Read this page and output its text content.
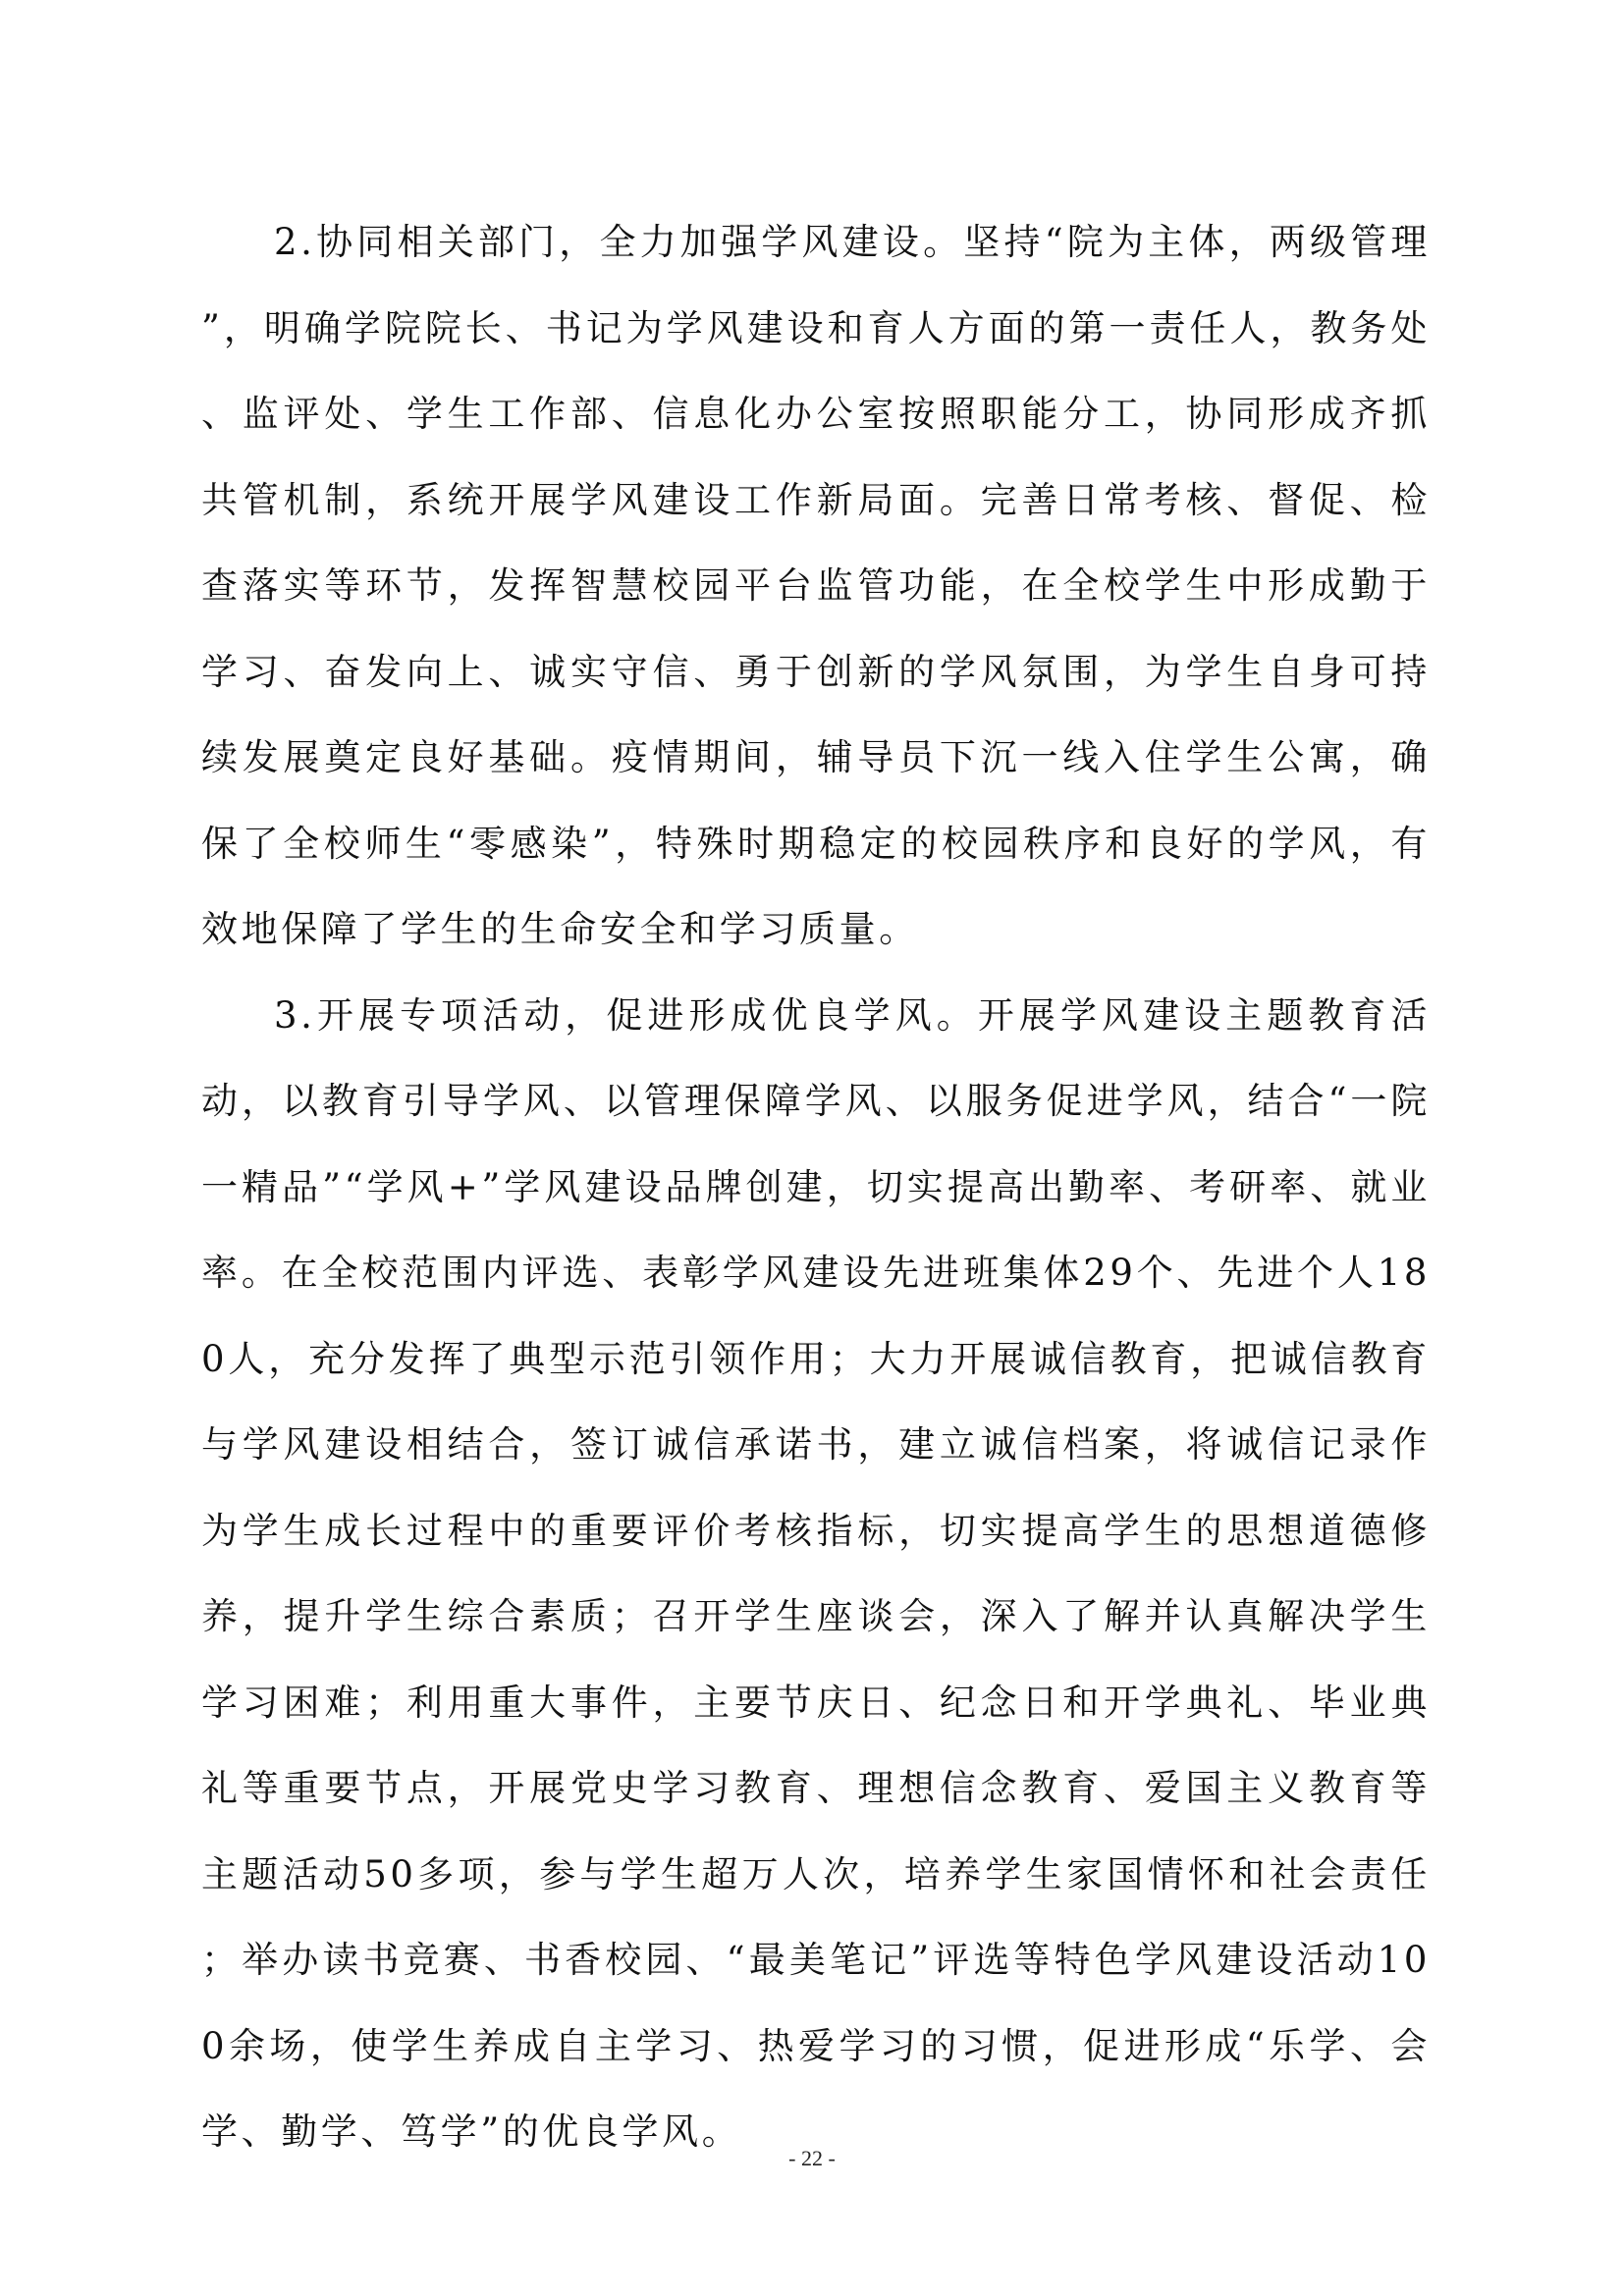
2.协同相关部门，全力加强学风建设。坚持“院为主体，两级管理”，明确学院院长、书记为学风建设和育人方面的第一责任人，教务处、监评处、学生工作部、信息化办公室按照职能分工，协同形成齐抓共管机制，系统开展学风建设工作新局面。完善日常考核、督促、检查落实等环节，发挥智慧校园平台监管功能，在全校学生中形成勤于学习、奋发向上、诚实守信、勇于创新的学风氛围，为学生自身可持续发展奠定良好基础。疫情期间，辅导员下沉一线入住学生公寓，确保了全校师生“零感染”，特殊时期稳定的校园秩序和良好的学风，有效地保障了学生的生命安全和学习质量。

3.开展专项活动，促进形成优良学风。开展学风建设主题教育活动，以教育引导学风、以管理保障学风、以服务促进学风，结合“一院一精品”“学风+”学风建设品牌创建，切实提高出勤率、考研率、就业率。在全校范围内评选、表彰学风建设先进班集体29个、先进个人180人，充分发挥了典型示范引领作用；大力开展诚信教育，把诚信教育与学风建设相结合，签订诚信承诺书，建立诚信档案，将诚信记录作为学生成长过程中的重要评价考核指标，切实提高学生的思想道德修养，提升学生综合素质；召开学生座谈会，深入了解并认真解决学生学习困难；利用重大事件，主要节庆日、纪念日和开学典礼、毕业典礼等重要节点，开展党史学习教育、理想信念教育、爱国主义教育等主题活动50多项，参与学生超万人次，培养学生家国情怀和社会责任；举办读书竞赛、书香校园、“最美笔记”评选等特色学风建设活动100余场，使学生养成自主学习、热爱学习的习惯，促进形成“乐学、会学、勤学、笃学”的优良学风。

- 22 -
